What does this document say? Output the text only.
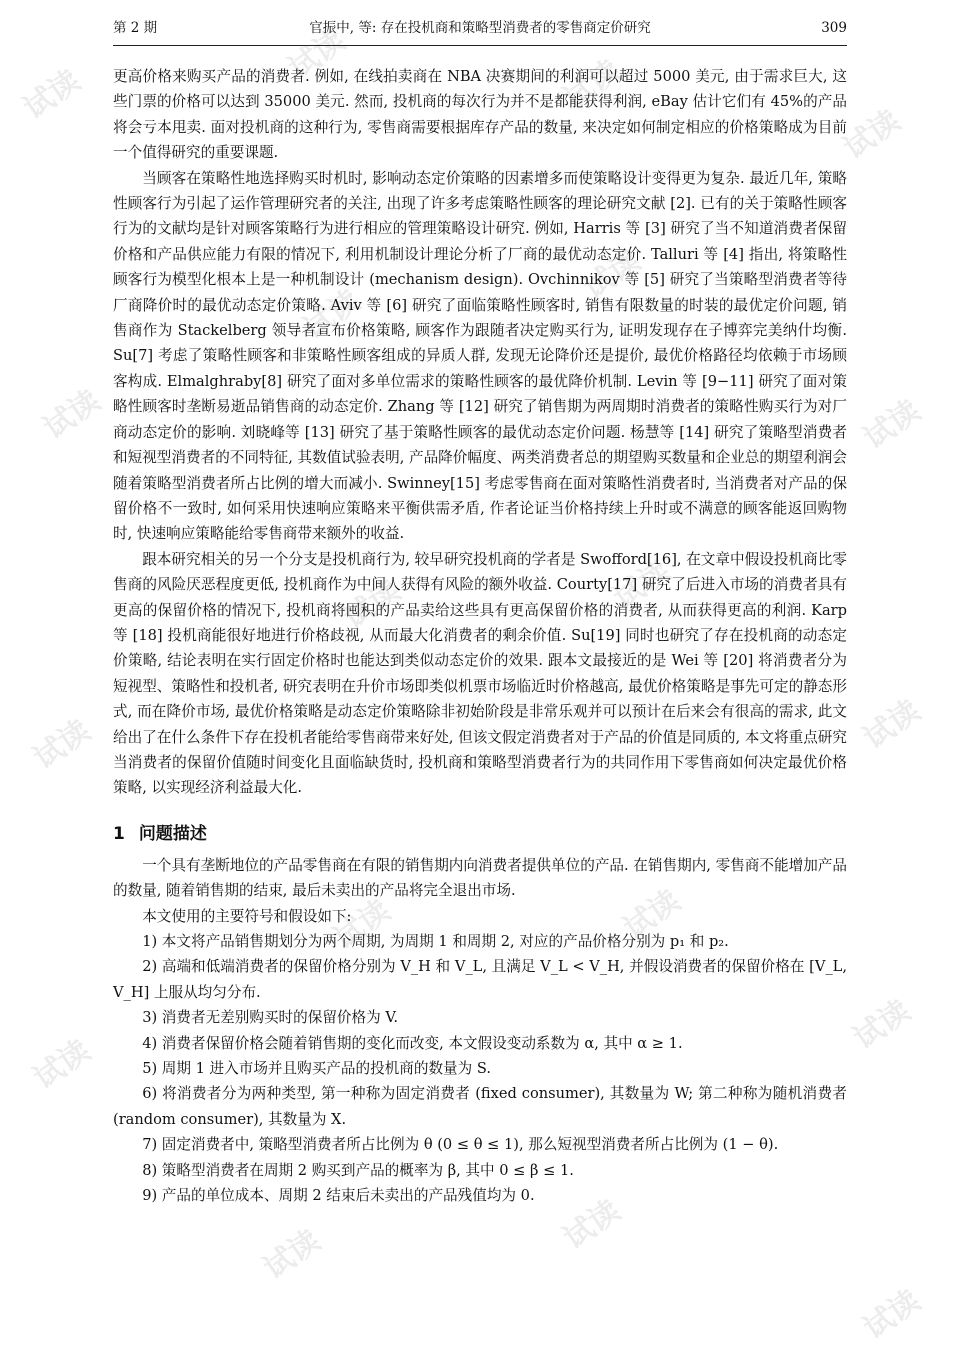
试读
试读	试读
试读
试读
试读
试读
试读
试读
试读	试读
试读
试读
试读	试读
试读
试读	试读
试读
第 2 期	官振中, 等: 存在投机商和策略型消费者的零售商定价研究	309

更高价格来购买产品的消费者. 例如, 在线拍卖商在 NBA 决赛期间的利润可以超过 5000 美元, 由于需求巨大, 这些门票的价格可以达到 35000 美元. 然而, 投机商的每次行为并不是都能获得利润, eBay 估计它们有 45%的产品将会亏本甩卖. 面对投机商的这种行为, 零售商需要根据库存产品的数量, 来决定如何制定相应的价格策略成为目前一个值得研究的重要课题.

当顾客在策略性地选择购买时机时, 影响动态定价策略的因素增多而使策略设计变得更为复杂. 最近几年, 策略性顾客行为引起了运作管理研究者的关注, 出现了许多考虑策略性顾客的理论研究文献 [2]. 已有的关于策略性顾客行为的文献均是针对顾客策略行为进行相应的管理策略设计研究. 例如, Harris 等 [3] 研究了当不知道消费者保留价格和产品供应能力有限的情况下, 利用机制设计理论分析了厂商的最优动态定价. Talluri 等 [4] 指出, 将策略性顾客行为模型化根本上是一种机制设计 (mechanism design). Ovchinnikov 等 [5] 研究了当策略型消费者等待厂商降价时的最优动态定价策略. Aviv 等 [6] 研究了面临策略性顾客时, 销售有限数量的时装的最优定价问题, 销售商作为 Stackelberg 领导者宣布价格策略, 顾客作为跟随者决定购买行为, 证明发现存在子博弈完美纳什均衡. Su[7] 考虑了策略性顾客和非策略性顾客组成的异质人群, 发现无论降价还是提价, 最优价格路径均依赖于市场顾客构成. Elmalghraby[8] 研究了面对多单位需求的策略性顾客的最优降价机制. Levin 等 [9−11] 研究了面对策略性顾客时垄断易逝品销售商的动态定价. Zhang 等 [12] 研究了销售期为两周期时消费者的策略性购买行为对厂商动态定价的影响. 刘晓峰等 [13] 研究了基于策略性顾客的最优动态定价问题. 杨慧等 [14] 研究了策略型消费者和短视型消费者的不同特征, 其数值试验表明, 产品降价幅度、两类消费者总的期望购买数量和企业总的期望利润会随着策略型消费者所占比例的增大而减小. Swinney[15] 考虑零售商在面对策略性消费者时, 当消费者对产品的保留价格不一致时, 如何采用快速响应策略来平衡供需矛盾, 作者论证当价格持续上升时或不满意的顾客能返回购物时, 快速响应策略能给零售商带来额外的收益.

跟本研究相关的另一个分支是投机商行为, 较早研究投机商的学者是 Swofford[16], 在文章中假设投机商比零售商的风险厌恶程度更低, 投机商作为中间人获得有风险的额外收益. Courty[17] 研究了后进入市场的消费者具有更高的保留价格的情况下, 投机商将囤积的产品卖给这些具有更高保留价格的消费者, 从而获得更高的利润. Karp 等 [18] 投机商能很好地进行价格歧视, 从而最大化消费者的剩余价值. Su[19] 同时也研究了存在投机商的动态定价策略, 结论表明在实行固定价格时也能达到类似动态定价的效果. 跟本文最接近的是 Wei 等 [20] 将消费者分为短视型、策略性和投机者, 研究表明在升价市场即类似机票市场临近时价格越高, 最优价格策略是事先可定的静态形式, 而在降价市场, 最优价格策略是动态定价策略除非初始阶段是非常乐观并可以预计在后来会有很高的需求, 此文给出了在什么条件下存在投机者能给零售商带来好处, 但该文假定消费者对于产品的价值是同质的, 本文将重点研究当消费者的保留价值随时间变化且面临缺货时, 投机商和策略型消费者行为的共同作用下零售商如何决定最优价格策略, 以实现经济利益最大化.

1 问题描述

一个具有垄断地位的产品零售商在有限的销售期内向消费者提供单位的产品. 在销售期内, 零售商不能增加产品的数量, 随着销售期的结束, 最后未卖出的产品将完全退出市场.

本文使用的主要符号和假设如下:

1) 本文将产品销售期划分为两个周期, 为周期 1 和周期 2, 对应的产品价格分别为 p₁ 和 p₂.

2) 高端和低端消费者的保留价格分别为 V_H 和 V_L, 且满足 V_L < V_H, 并假设消费者的保留价格在 [V_L, V_H] 上服从均匀分布.

3) 消费者无差别购买时的保留价格为 V.

4) 消费者保留价格会随着销售期的变化而改变, 本文假设变动系数为 α, 其中 α ≥ 1.

5) 周期 1 进入市场并且购买产品的投机商的数量为 S.

6) 将消费者分为两种类型, 第一种称为固定消费者 (fixed consumer), 其数量为 W; 第二种称为随机消费者 (random consumer), 其数量为 X.

7) 固定消费者中, 策略型消费者所占比例为 θ (0 ≤ θ ≤ 1), 那么短视型消费者所占比例为 (1 − θ).

8) 策略型消费者在周期 2 购买到产品的概率为 β, 其中 0 ≤ β ≤ 1.

9) 产品的单位成本、周期 2 结束后未卖出的产品残值均为 0.
